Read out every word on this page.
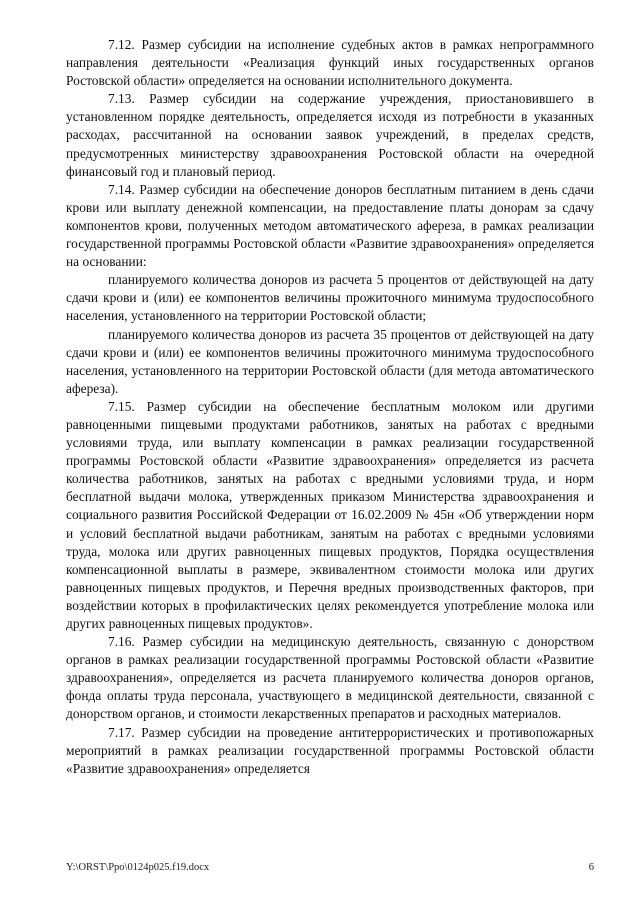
7.12. Размер субсидии на исполнение судебных актов в рамках непрограммного направления деятельности «Реализация функций иных государственных органов Ростовской области» определяется на основании исполнительного документа.

7.13. Размер субсидии на содержание учреждения, приостановившего в установленном порядке деятельность, определяется исходя из потребности в указанных расходах, рассчитанной на основании заявок учреждений, в пределах средств, предусмотренных министерству здравоохранения Ростовской области на очередной финансовый год и плановый период.

7.14. Размер субсидии на обеспечение доноров бесплатным питанием в день сдачи крови или выплату денежной компенсации, на предоставление платы донорам за сдачу компонентов крови, полученных методом автоматического афереза, в рамках реализации государственной программы Ростовской области «Развитие здравоохранения» определяется на основании:

планируемого количества доноров из расчета 5 процентов от действующей на дату сдачи крови и (или) ее компонентов величины прожиточного минимума трудоспособного населения, установленного на территории Ростовской области;

планируемого количества доноров из расчета 35 процентов от действующей на дату сдачи крови и (или) ее компонентов величины прожиточного минимума трудоспособного населения, установленного на территории Ростовской области (для метода автоматического афереза).

7.15. Размер субсидии на обеспечение бесплатным молоком или другими равноценными пищевыми продуктами работников, занятых на работах с вредными условиями труда, или выплату компенсации в рамках реализации государственной программы Ростовской области «Развитие здравоохранения» определяется из расчета количества работников, занятых на работах с вредными условиями труда, и норм бесплатной выдачи молока, утвержденных приказом Министерства здравоохранения и социального развития Российской Федерации от 16.02.2009 № 45н «Об утверждении норм и условий бесплатной выдачи работникам, занятым на работах с вредными условиями труда, молока или других равноценных пищевых продуктов, Порядка осуществления компенсационной выплаты в размере, эквивалентном стоимости молока или других равноценных пищевых продуктов, и Перечня вредных производственных факторов, при воздействии которых в профилактических целях рекомендуется употребление молока или других равноценных пищевых продуктов».

7.16. Размер субсидии на медицинскую деятельность, связанную с донорством органов в рамках реализации государственной программы Ростовской области «Развитие здравоохранения», определяется из расчета планируемого количества доноров органов, фонда оплаты труда персонала, участвующего в медицинской деятельности, связанной с донорством органов, и стоимости лекарственных препаратов и расходных материалов.

7.17. Размер субсидии на проведение антитеррористических и противопожарных мероприятий в рамках реализации государственной программы Ростовской области «Развитие здравоохранения» определяется

Y:\ORST\Ppo\0124p025.f19.docx	6
